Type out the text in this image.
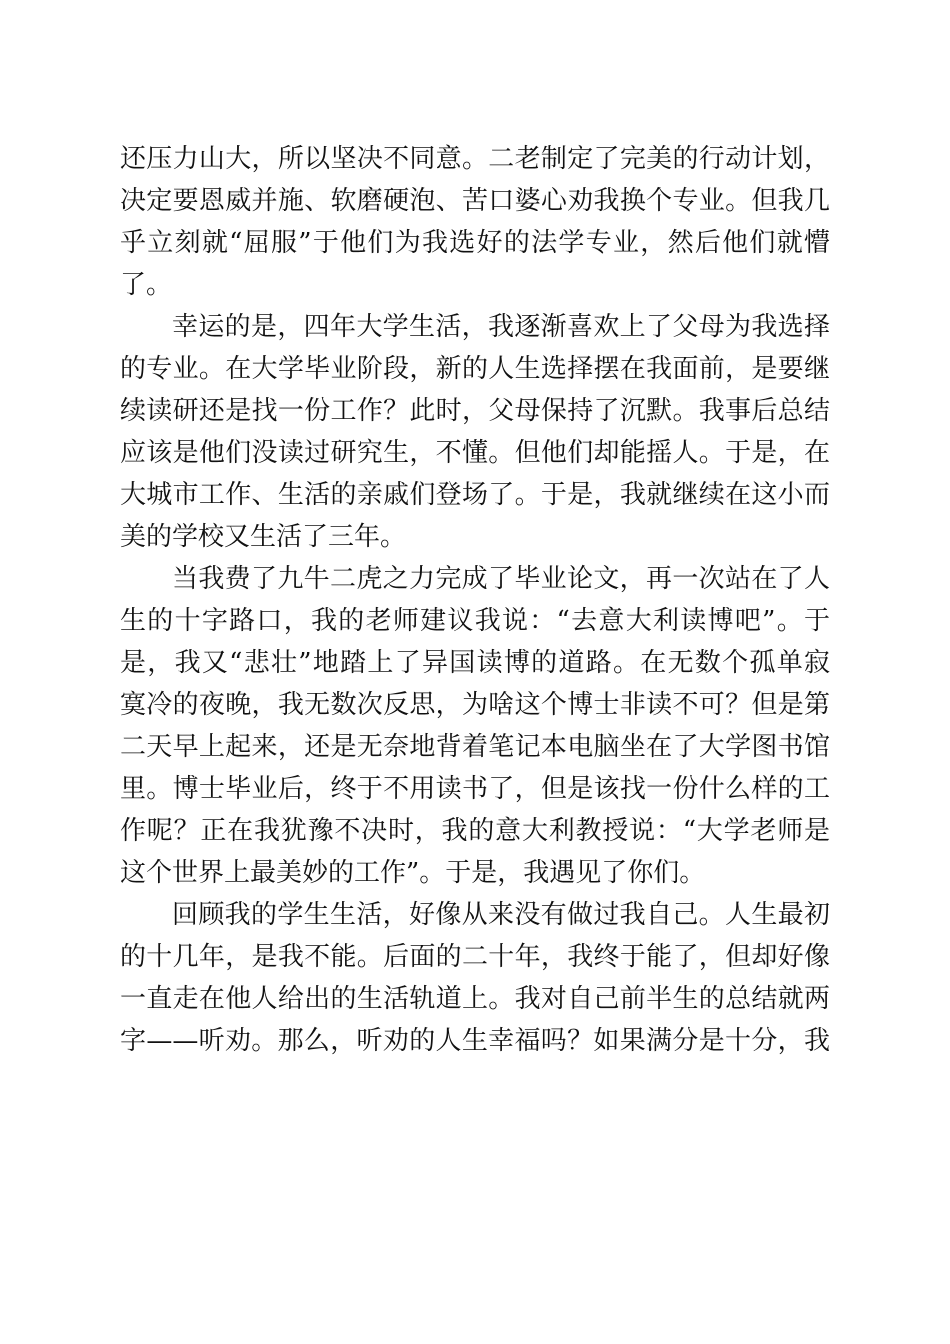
还压力山大，所以坚决不同意。二老制定了完美的行动计划，
决定要恩威并施、软磨硬泡、苦口婆心劝我换个专业。但我几
乎立刻就“屈服”于他们为我选好的法学专业，然后他们就懵
了。
幸运的是，四年大学生活，我逐渐喜欢上了父母为我选择
的专业。在大学毕业阶段，新的人生选择摆在我面前，是要继
续读研还是找一份工作？此时，父母保持了沉默。我事后总结
应该是他们没读过研究生，不懂。但他们却能摇人。于是，在
大城市工作、生活的亲戚们登场了。于是，我就继续在这小而
美的学校又生活了三年。
当我费了九牛二虎之力完成了毕业论文，再一次站在了人
生的十字路口，我的老师建议我说：“去意大利读博吧”。于
是，我又“悲壮”地踏上了异国读博的道路。在无数个孤单寂
寞冷的夜晚，我无数次反思，为啥这个博士非读不可？但是第
二天早上起来，还是无奈地背着笔记本电脑坐在了大学图书馆
里。博士毕业后，终于不用读书了，但是该找一份什么样的工
作呢？正在我犹豫不决时，我的意大利教授说：“大学老师是
这个世界上最美妙的工作”。于是，我遇见了你们。
回顾我的学生生活，好像从来没有做过我自己。人生最初
的十几年，是我不能。后面的二十年，我终于能了，但却好像
一直走在他人给出的生活轨道上。我对自己前半生的总结就两
字——听劝。那么，听劝的人生幸福吗？如果满分是十分，我
